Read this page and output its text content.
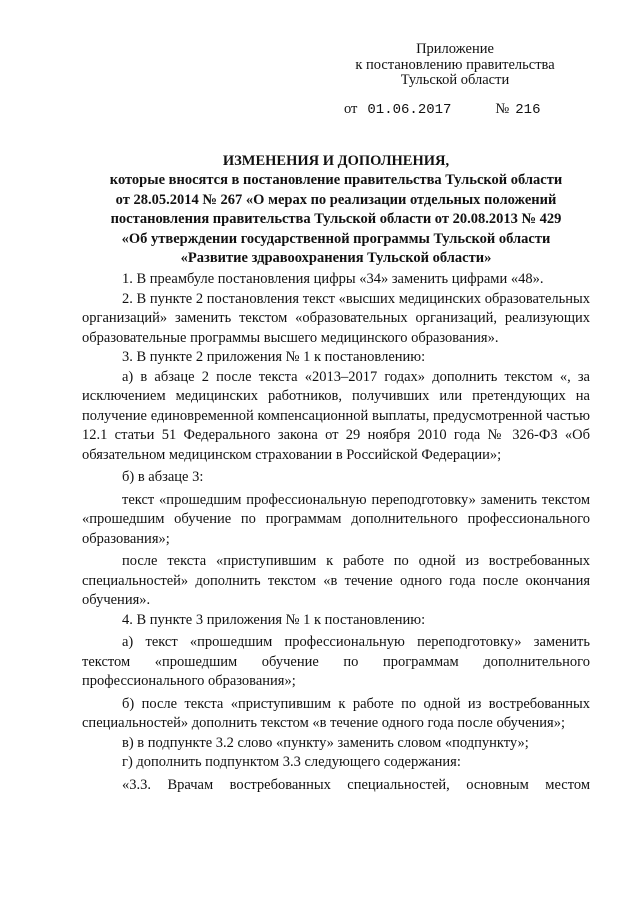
Приложение
к постановлению правительства
Тульской области
от 01.06.2017	№ 216
ИЗМЕНЕНИЯ И ДОПОЛНЕНИЯ,
которые вносятся в постановление правительства Тульской области
от 28.05.2014 № 267 «О мерах по реализации отдельных положений
постановления правительства Тульской области от 20.08.2013 № 429
«Об утверждении государственной программы Тульской области
«Развитие здравоохранения Тульской области»
1. В преамбуле постановления цифры «34» заменить цифрами «48».
2. В пункте 2 постановления текст «высших медицинских образовательных организаций» заменить текстом «образовательных организаций, реализующих образовательные программы высшего медицинского образования».
3. В пункте 2 приложения № 1 к постановлению:
а) в абзаце 2 после текста «2013–2017 годах» дополнить текстом «, за исключением медицинских работников, получивших или претендующих на получение единовременной компенсационной выплаты, предусмотренной частью 12.1 статьи 51 Федерального закона от 29 ноября 2010 года № 326-ФЗ «Об обязательном медицинском страховании в Российской Федерации»;
б) в абзаце 3:
текст «прошедшим профессиональную переподготовку» заменить текстом «прошедшим обучение по программам дополнительного профессионального образования»;
после текста «приступившим к работе по одной из востребованных специальностей» дополнить текстом «в течение одного года после окончания обучения».
4. В пункте 3 приложения № 1 к постановлению:
а) текст «прошедшим профессиональную переподготовку» заменить текстом «прошедшим обучение по программам дополнительного профессионального образования»;
б) после текста «приступившим к работе по одной из востребованных специальностей» дополнить текстом «в течение одного года после обучения»;
в) в подпункте 3.2 слово «пункту» заменить словом «подпункту»;
г) дополнить подпунктом 3.3 следующего содержания:
«3.3. Врачам востребованных специальностей, основным местом
